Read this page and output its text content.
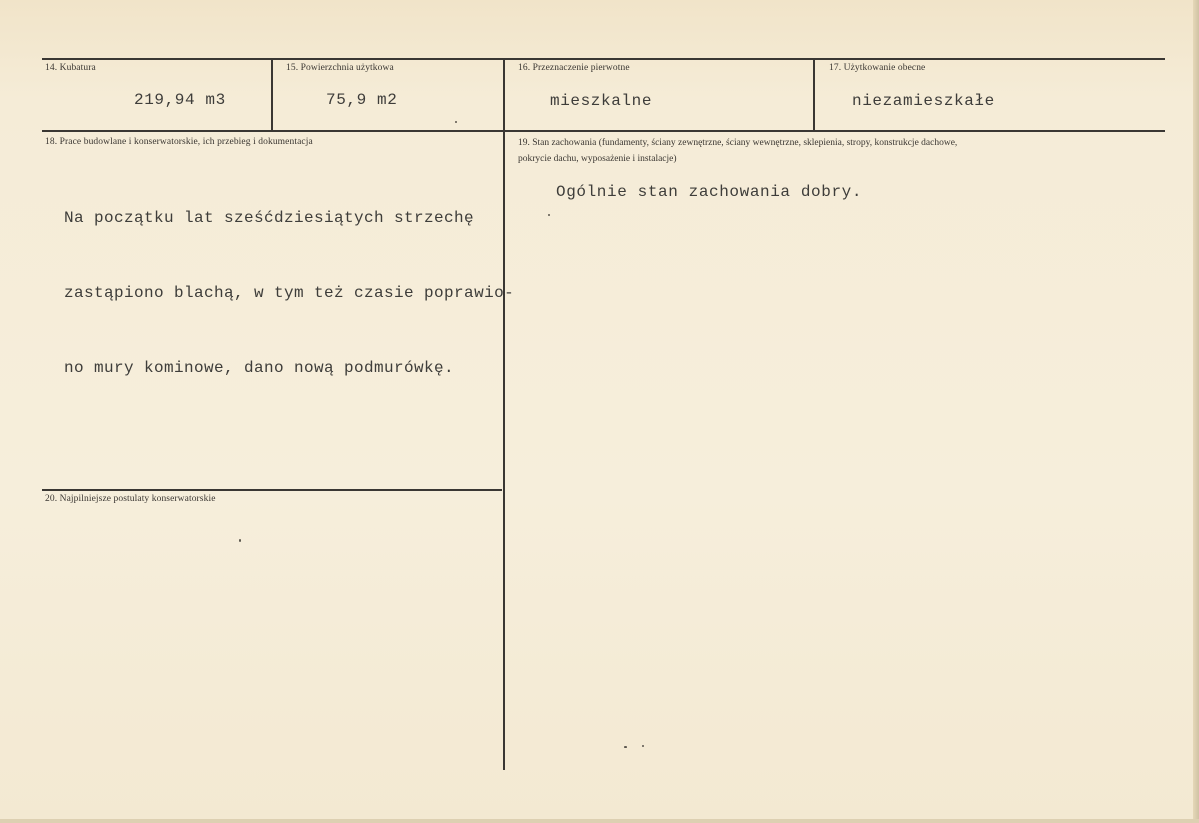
14. Kubatura
219,94 m3
15. Powierzchnia użytkowa
75,9 m2
16. Przeznaczenie pierwotne
mieszkalne
17. Użytkowanie obecne
niezamieszkałe
18. Prace budowlane i konserwatorskie, ich przebieg i dokumentacja

Na początku lat sześćdziesiątych strzechę

zastąpiono blachą, w tym też czasie poprawio-

no mury kominowe, dano nową podmurówkę.

19. Stan zachowania (fundamenty, ściany zewnętrzne, ściany wewnętrzne, sklepienia, stropy, konstrukcje dachowe, pokrycie dachu, wyposażenie i instalacje)
Ogólnie stan zachowania dobry.
20. Najpilniejsze postulaty konserwatorskie
